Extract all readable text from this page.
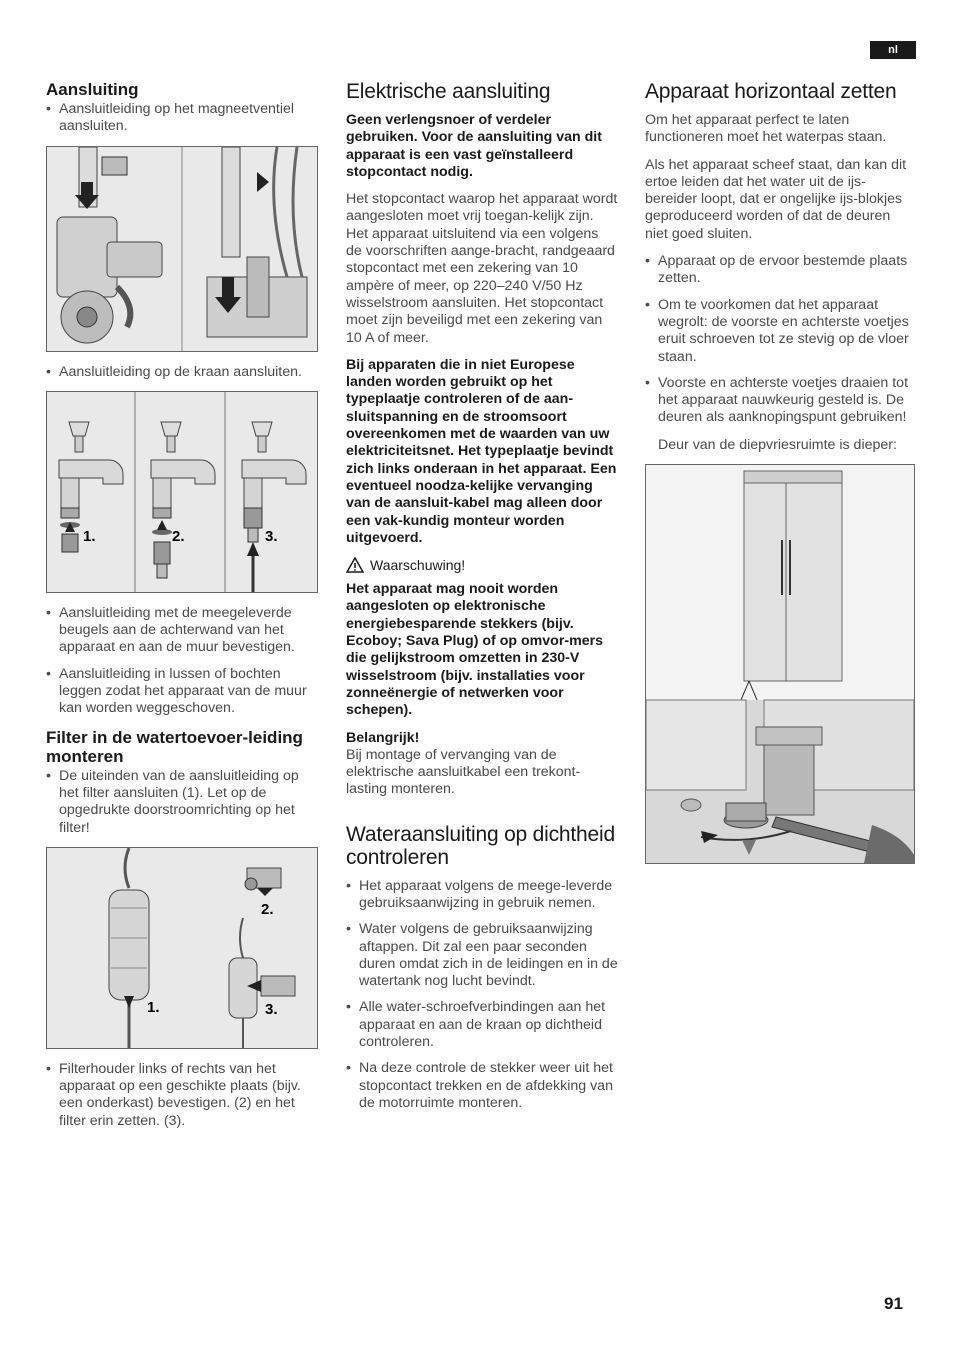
nl
Aansluiting
• Aansluitleiding op het magneetventiel aansluiten.
• Aansluitleiding op de kraan aansluiten.
1.	2.	3.
• Aansluitleiding met de meegeleverde beugels aan de achterwand van het apparaat en aan de muur bevestigen.
• Aansluitleiding in lussen of bochten leggen zodat het apparaat van de muur kan worden weggeschoven.
Filter in de watertoevoer-leiding monteren
• De uiteinden van de aansluitleiding op het filter aansluiten (1). Let op de opgedrukte doorstroomrichting op het filter!
1.
2.
3.
• Filterhouder links of rechts van het apparaat op een geschikte plaats (bijv. een onderkast) bevestigen. (2) en het filter erin zetten. (3).
Elektrische aansluiting

Geen verlengsnoer of verdeler gebruiken. Voor de aansluiting van dit apparaat is een vast geïnstalleerd stopcontact nodig.

Het stopcontact waarop het apparaat wordt aangesloten moet vrij toegan-kelijk zijn. Het apparaat uitsluitend via een volgens de voorschriften aange-bracht, randgeaard stopcontact met een zekering van 10 ampère of meer, op 220–240 V/50 Hz wisselstroom aansluiten. Het stopcontact moet zijn beveiligd met een zekering van 10 A of meer.

Bij apparaten die in niet Europese landen worden gebruikt op het typeplaatje controleren of de aan-sluitspanning en de stroomsoort overeenkomen met de waarden van uw elektriciteitsnet. Het typeplaatje bevindt zich links onderaan in het apparaat. Een eventueel noodza-kelijke vervanging van de aansluit-kabel mag alleen door een vak-kundig monteur worden uitgevoerd.

Waarschuwing!

Het apparaat mag nooit worden aangesloten op elektronische energiebesparende stekkers (bijv. Ecoboy; Sava Plug) of op omvor-mers die gelijkstroom omzetten in 230-V wisselstroom (bijv. installaties voor zonneënergie of netwerken voor schepen).

Belangrijk!

Bij montage of vervanging van de elektrische aansluitkabel een trekont-lasting monteren.

Wateraansluiting op dichtheid controleren
• Het apparaat volgens de meege-leverde gebruiksaanwijzing in gebruik nemen.
• Water volgens de gebruiksaanwijzing aftappen. Dit zal een paar seconden duren omdat zich in de leidingen en in de watertank nog lucht bevindt.
• Alle water-schroefverbindingen aan het apparaat en aan de kraan op dichtheid controleren.
• Na deze controle de stekker weer uit het stopcontact trekken en de afdekking van de motorruimte monteren.
Apparaat horizontaal zetten

Om het apparaat perfect te laten functioneren moet het waterpas staan.

Als het apparaat scheef staat, dan kan dit ertoe leiden dat het water uit de ijs-bereider loopt, dat er ongelijke ijs-blokjes geproduceerd worden of dat de deuren niet goed sluiten.

• Apparaat op de ervoor bestemde plaats zetten.
• Om te voorkomen dat het apparaat wegrolt: de voorste en achterste voetjes eruit schroeven tot ze stevig op de vloer staan.
• Voorste en achterste voetjes draaien tot het apparaat nauwkeurig gesteld is. De deuren als aanknopingspunt gebruiken!

Deur van de diepvriesruimte is dieper:

91
